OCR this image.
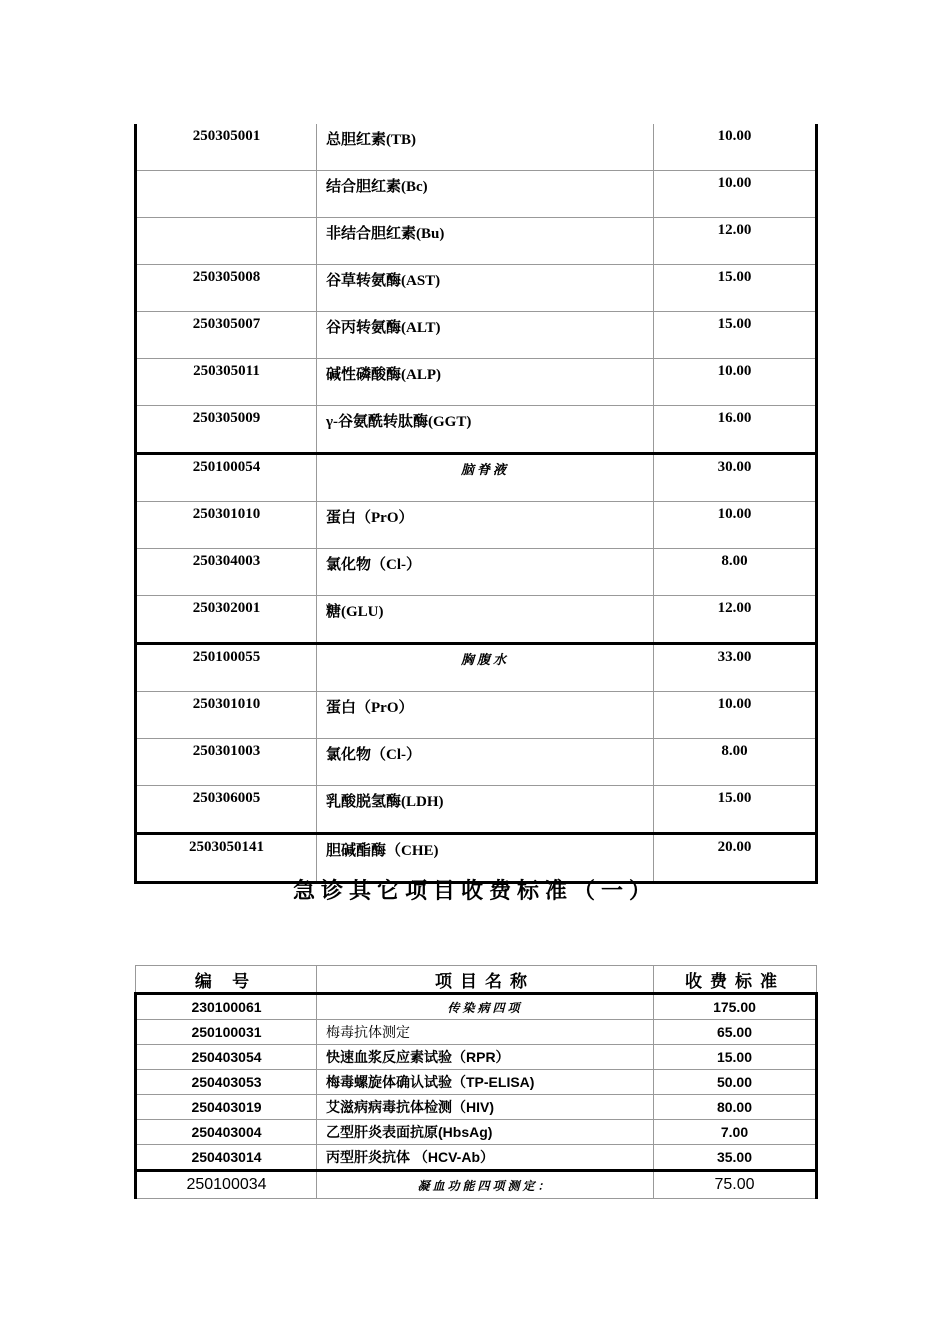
250305001	总胆红素(TB)	10.00
	结合胆红素(Bc)	10.00
	非结合胆红素(Bu)	12.00
250305008	谷草转氨酶(AST)	15.00
250305007	谷丙转氨酶(ALT)	15.00
250305011	碱性磷酸酶(ALP)	10.00
250305009	γ-谷氨酰转肽酶(GGT)	16.00
250100054	脑脊液	30.00
250301010	蛋白（PrO）	10.00
250304003	氯化物（Cl-）	8.00
250302001	糖(GLU)	12.00
250100055	胸腹水	33.00
250301010	蛋白（PrO）	10.00
250301003	氯化物（Cl-）	8.00
250306005	乳酸脱氢酶(LDH)	15.00
2503050141	胆碱酯酶（CHE)	20.00
急诊其它项目收费标准（一）
编 号	项目名称	收费标准
230100061	传染病四项	175.00
250100031	梅毒抗体测定	65.00
250403054	快速血浆反应素试验（RPR）	15.00
250403053	梅毒螺旋体确认试验（TP-ELISA)	50.00
250403019	艾滋病病毒抗体检测（HIV)	80.00
250403004	乙型肝炎表面抗原(HbsAg)	7.00
250403014	丙型肝炎抗体 （HCV-Ab）	35.00
250100034	凝血功能四项测定：	75.00
